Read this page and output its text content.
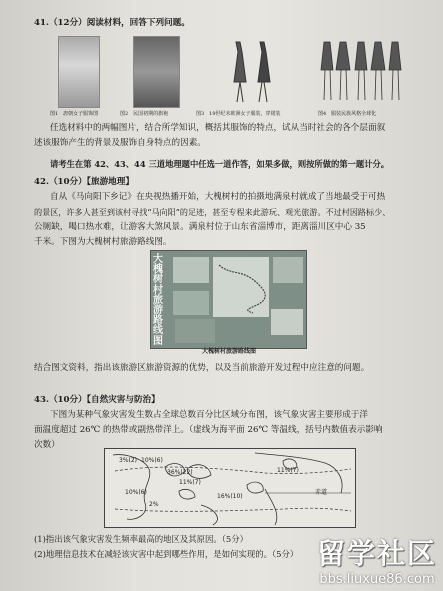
41.（12分）阅读材料，回答下列问题。

图1　唐朝女子服饰图	图2　民国初期的旗袍	图3　19世纪末欧洲女子服装，穿裙装	图4　服装民族风格全球化

任选材料中的两幅图片，结合所学知识，概括其服饰的特点，试从当时社会的各个层面叙

述该服饰产生的背景及服饰自身特点的因素。

请考生在第 42、43、44 三道地理题中任选一道作答，如果多做，则按所做的第一题计分。

42.（10分）【旅游地理】

自从《马向阳下乡记》在央视热播开始，大槐树村的拍摄地满泉村就成了当地最受于可热

的景区，许多人甚至到该村寻找“马向阳”的足迹，甚至专程来此游玩、观光旅游。不过村因路标少、

公厕缺，喝口热水难，让游客大煞风景。满泉村位于山东省淄博市，距离淄川区中心 35

千米。下图为大槐树村旅游路线图。

大槐树村旅游路线图
大槐树村旅游路线图

结合图文资料，指出该旅游区旅游资源的优势，以及当前旅游开发过程中应注意的问题。

43.（10分）【自然灾害与防治】

下图为某种气象灾害发生数占全球总数百分比区域分布图，该气象灾害主要形成于洋

面温度超过 26℃ 的热带或副热带洋上。（虚线为海平面 26℃ 等温线，括号内数值表示影响

次数）

3%(2) 10%(6)
36%(22)
11%(7)
10%(6)
2%
16%(10)
11%(7)
赤道

(1)指出该气象灾害发生频率最高的地区及其原因。（5分）

(2)地理信息技术在减轻该灾害中起到哪些作用，是如何实现的。（5分） 留学社区
bbs.liuxue86.com
